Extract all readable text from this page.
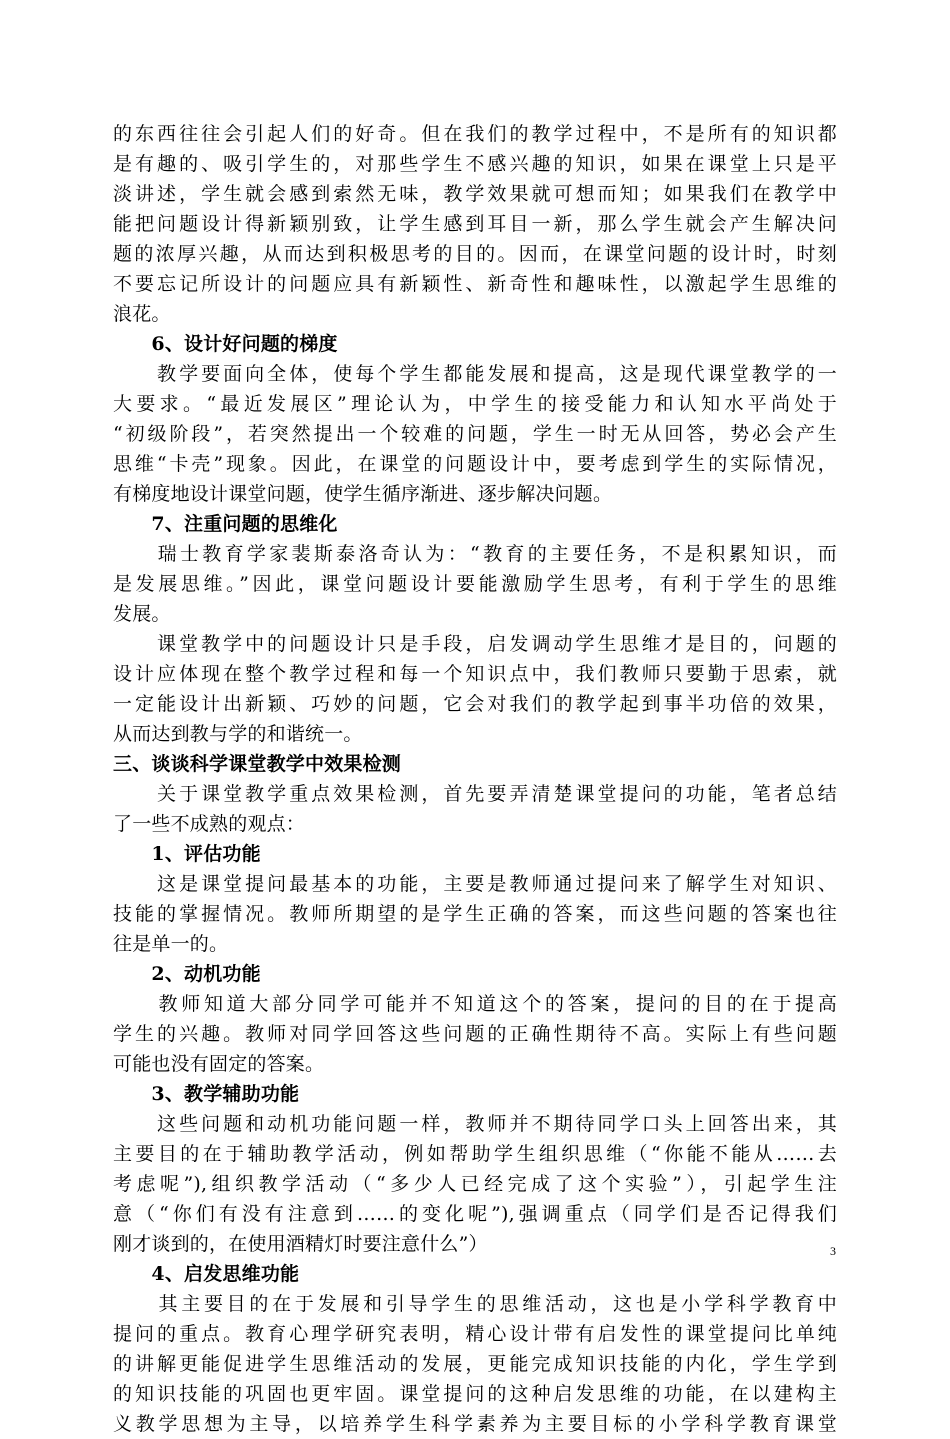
的东西往往会引起人们的好奇。但在我们的教学过程中，不是所有的知识都
是有趣的、吸引学生的，对那些学生不感兴趣的知识，如果在课堂上只是平
淡讲述，学生就会感到索然无味，教学效果就可想而知；如果我们在教学中
能把问题设计得新颖别致，让学生感到耳目一新，那么学生就会产生解决问
题的浓厚兴趣，从而达到积极思考的目的。因而，在课堂问题的设计时，时刻
不要忘记所设计的问题应具有新颖性、新奇性和趣味性，以激起学生思维的
浪花。
　　6、设计好问题的梯度
　　教学要面向全体，使每个学生都能发展和提高，这是现代课堂教学的一
大要求。“最近发展区”理论认为，中学生的接受能力和认知水平尚处于
“初级阶段”，若突然提出一个较难的问题，学生一时无从回答，势必会产生
思维“卡壳”现象。因此，在课堂的问题设计中，要考虑到学生的实际情况，
有梯度地设计课堂问题，使学生循序渐进、逐步解决问题。
　　7、注重问题的思维化
　　瑞士教育学家裴斯泰洛奇认为：“教育的主要任务，不是积累知识，而
是发展思维。”因此，课堂问题设计要能激励学生思考，有利于学生的思维
发展。
　　课堂教学中的问题设计只是手段，启发调动学生思维才是目的，问题的
设计应体现在整个教学过程和每一个知识点中，我们教师只要勤于思索，就
一定能设计出新颖、巧妙的问题，它会对我们的教学起到事半功倍的效果，
从而达到教与学的和谐统一。
三、谈谈科学课堂教学中效果检测
　　关于课堂教学重点效果检测，首先要弄清楚课堂提问的功能，笔者总结
了一些不成熟的观点：
　　1、评估功能
　　这是课堂提问最基本的功能，主要是教师通过提问来了解学生对知识、
技能的掌握情况。教师所期望的是学生正确的答案，而这些问题的答案也往
往是单一的。
　　2、动机功能
　　教师知道大部分同学可能并不知道这个的答案，提问的目的在于提高
学生的兴趣。教师对同学回答这些问题的正确性期待不高。实际上有些问题
可能也没有固定的答案。
　　3、教学辅助功能
　　这些问题和动机功能问题一样，教师并不期待同学口头上回答出来，其
主要目的在于辅助教学活动，例如帮助学生组织思维（“你能不能从……去
考虑呢”),组织教学活动（“多少人已经完成了这个实验”），引起学生注
意（“你们有没有注意到……的变化呢”),强调重点（同学们是否记得我们
刚才谈到的，在使用酒精灯时要注意什么”）
　　4、启发思维功能
　　其主要目的在于发展和引导学生的思维活动，这也是小学科学教育中
提问的重点。教育心理学研究表明，精心设计带有启发性的课堂提问比单纯
的讲解更能促进学生思维活动的发展，更能完成知识技能的内化，学生学到
的知识技能的巩固也更牢固。课堂提问的这种启发思维的功能，在以建构主
义教学思想为主导，以培养学生科学素养为主要目标的小学科学教育课堂
3
